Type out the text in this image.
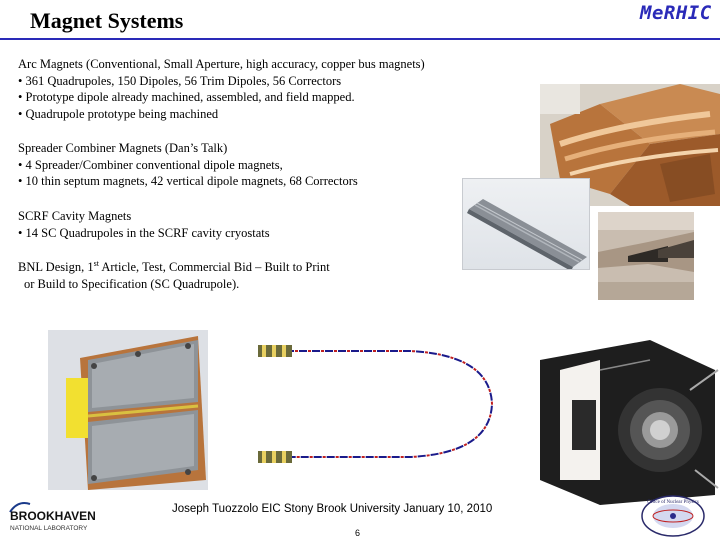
Magnet Systems	MeRHIC
Arc Magnets (Conventional, Small Aperture, high accuracy, copper bus magnets)
• 361 Quadrupoles, 150 Dipoles, 56 Trim Dipoles, 56 Correctors
• Prototype dipole already machined, assembled, and field mapped.
• Quadrupole prototype being machined
Spreader Combiner Magnets (Dan’s Talk)
• 4 Spreader/Combiner conventional dipole magnets,
• 10 thin septum magnets, 42 vertical dipole magnets, 68 Correctors
SCRF Cavity Magnets
• 14 SC Quadrupoles in the SCRF cavity cryostats
BNL Design, 1st Article, Test, Commercial Bid – Built to Print
or Build to Specification (SC Quadrupole).
BROOKHAVEN
NATIONAL LABORATORY
Joseph Tuozzolo EIC Stony Brook University January 10, 2010
6
Office of Nuclear Physics
